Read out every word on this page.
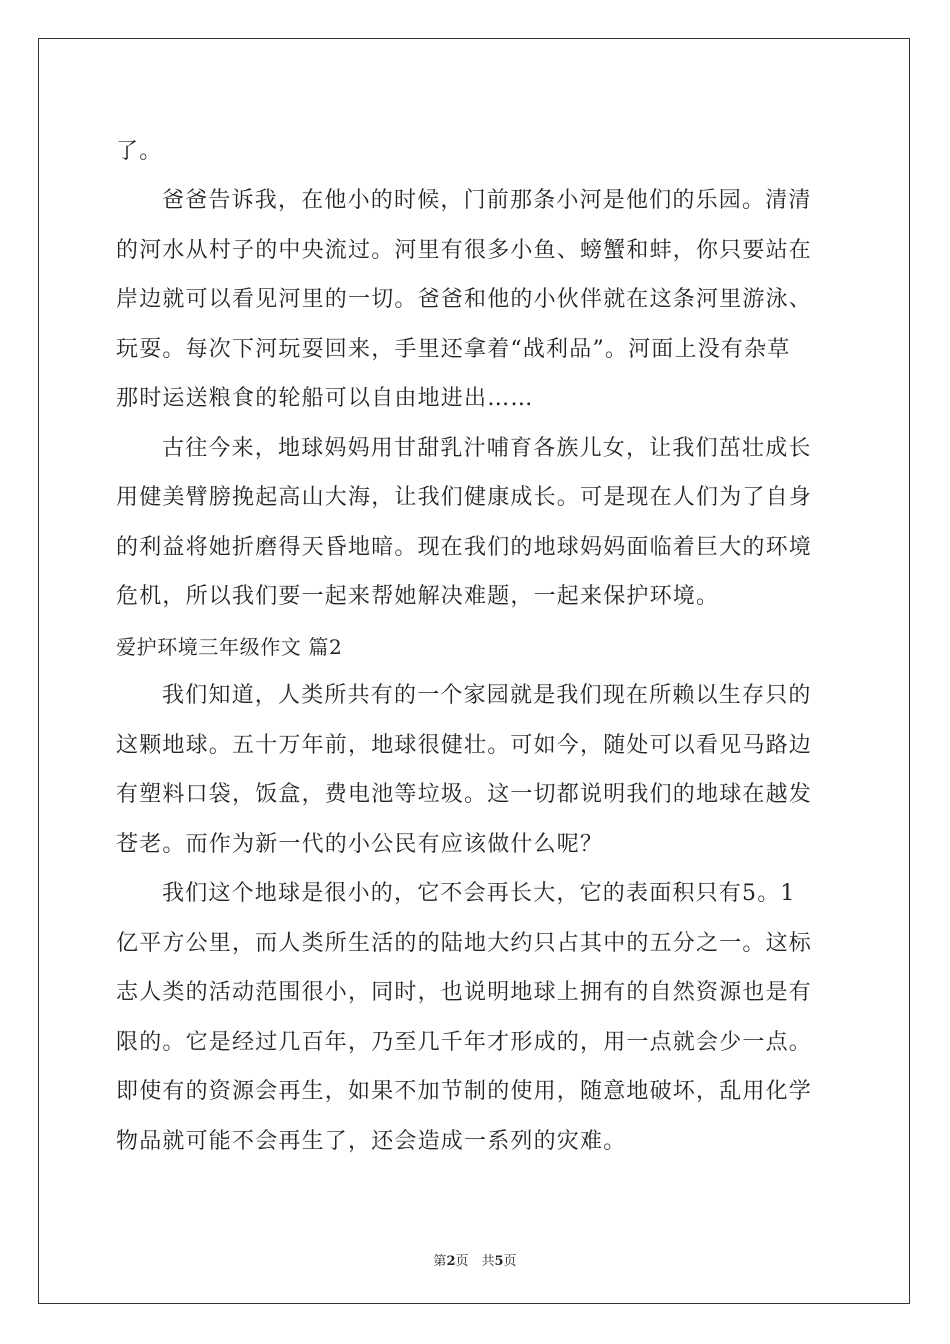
了。
爸爸告诉我，在他小的时候，门前那条小河是他们的乐园。清清
的河水从村子的中央流过。河里有很多小鱼、螃蟹和蚌，你只要站在
岸边就可以看见河里的一切。爸爸和他的小伙伴就在这条河里游泳、
玩耍。每次下河玩耍回来，手里还拿着“战利品”。河面上没有杂草
那时运送粮食的轮船可以自由地进出……
古往今来，地球妈妈用甘甜乳汁哺育各族儿女，让我们茁壮成长
用健美臂膀挽起高山大海，让我们健康成长。可是现在人们为了自身
的利益将她折磨得天昏地暗。现在我们的地球妈妈面临着巨大的环境
危机，所以我们要一起来帮她解决难题，一起来保护环境。
爱护环境三年级作文 篇2
我们知道，人类所共有的一个家园就是我们现在所赖以生存只的
这颗地球。五十万年前，地球很健壮。可如今，随处可以看见马路边
有塑料口袋，饭盒，费电池等垃圾。这一切都说明我们的地球在越发
苍老。而作为新一代的小公民有应该做什么呢？
我们这个地球是很小的，它不会再长大，它的表面积只有5。1
亿平方公里，而人类所生活的的陆地大约只占其中的五分之一。这标
志人类的活动范围很小，同时，也说明地球上拥有的自然资源也是有
限的。它是经过几百年，乃至几千年才形成的，用一点就会少一点。
即使有的资源会再生，如果不加节制的使用，随意地破坏，乱用化学
物品就可能不会再生了，还会造成一系列的灾难。
第2页　共5页
